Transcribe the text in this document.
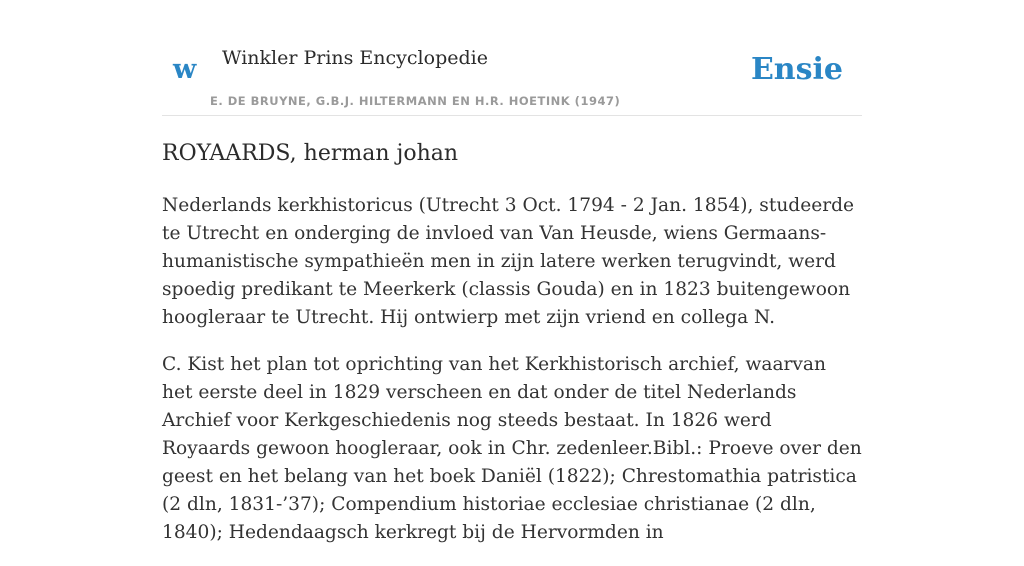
w Winkler Prins Encyclopedie
E. DE BRUYNE, G.B.J. HILTERMANN EN H.R. HOETINK (1947)
Ensie
ROYAARDS, herman johan

Nederlands kerkhistoricus (Utrecht 3 Oct. 1794 - 2 Jan. 1854), studeerde te Utrecht en onderging de invloed van Van Heusde, wiens Germaans-humanistische sympathieën men in zijn latere werken terugvindt, werd spoedig predikant te Meerkerk (classis Gouda) en in 1823 buitengewoon hoogleraar te Utrecht. Hij ontwierp met zijn vriend en collega N.

C. Kist het plan tot oprichting van het Kerkhistorisch archief, waarvan het eerste deel in 1829 verscheen en dat onder de titel Nederlands Archief voor Kerkgeschiedenis nog steeds bestaat. In 1826 werd Royaards gewoon hoogleraar, ook in Chr. zedenleer.Bibl.: Proeve over den geest en het belang van het boek Daniël (1822); Chrestomathia patristica (2 dln, 1831-’37); Compendium historiae ecclesiae christianae (2 dln, 1840); Hedendaagsch kerkregt bij de Hervormden in
